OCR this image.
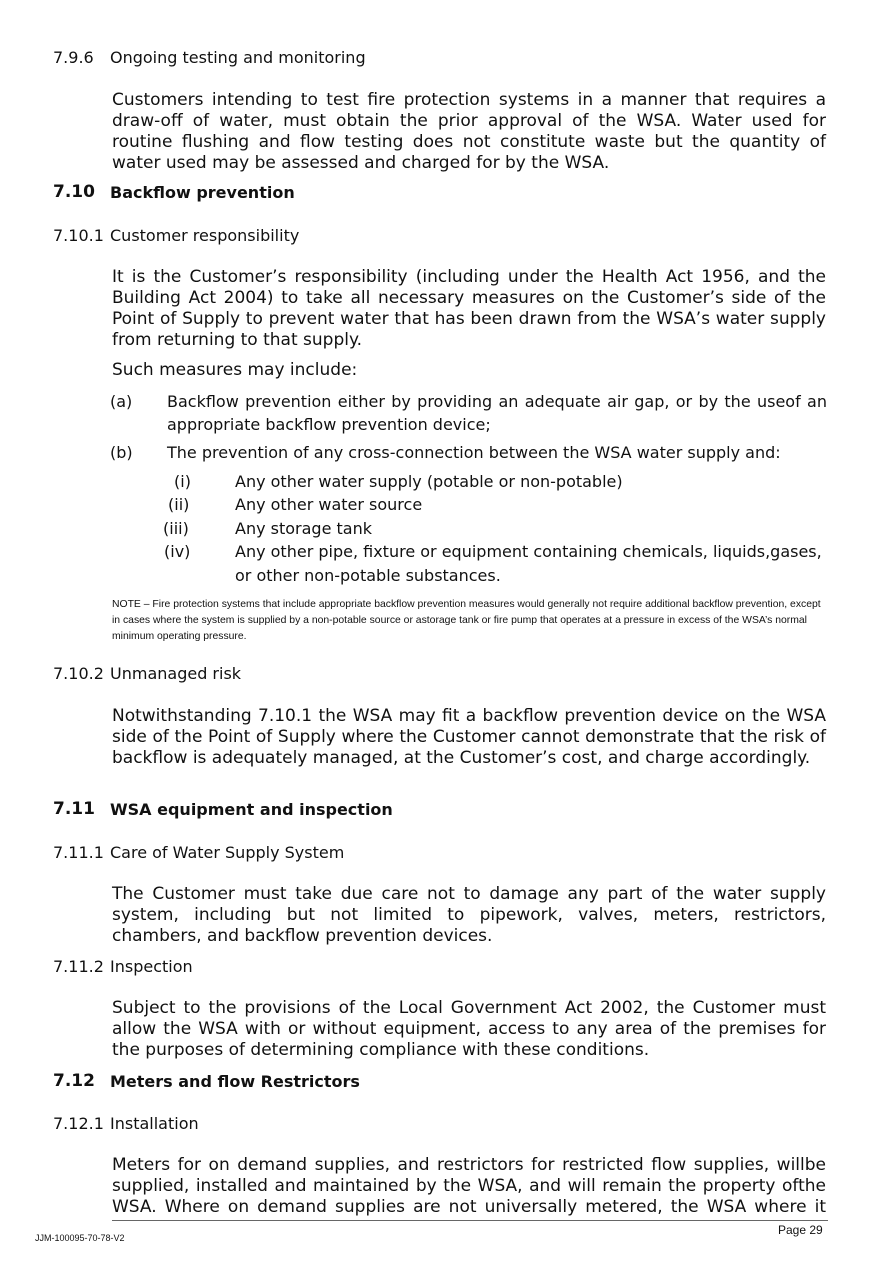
7.9.6 Ongoing testing and monitoring
Customers intending to test fire protection systems in a manner that requires a draw-off of water, must obtain the prior approval of the WSA. Water used for routine flushing and flow testing does not constitute waste but the quantity of water used may be assessed and charged for by the WSA.
7.10 Backflow prevention
7.10.1 Customer responsibility
It is the Customer’s responsibility (including under the Health Act 1956, and the Building Act 2004) to take all necessary measures on the Customer’s side of the Point of Supply to prevent water that has been drawn from the WSA’s water supply from returning to that supply.
Such measures may include:
(a) Backflow prevention either by providing an adequate air gap, or by the useof an
appropriate backflow prevention device;
(b) The prevention of any cross-connection between the WSA water supply and:
(i)	Any other water supply (potable or non-potable)
(ii)	Any other water source
(iii)	Any storage tank
(iv)	Any other pipe, fixture or equipment containing chemicals, liquids,gases,
or other non-potable substances.
NOTE – Fire protection systems that include appropriate backflow prevention measures would generally not require additional backflow prevention, except in cases where the system is supplied by a non-potable source or astorage tank or fire pump that operates at a pressure in excess of the WSA’s normal minimum operating pressure.
7.10.2 Unmanaged risk
Notwithstanding 7.10.1 the WSA may fit a backflow prevention device on the WSA side of the Point of Supply where the Customer cannot demonstrate that the risk of backflow is adequately managed, at the Customer’s cost, and charge accordingly.
7.11 WSA equipment and inspection
7.11.1 Care of Water Supply System
The Customer must take due care not to damage any part of the water supply system, including but not limited to pipework, valves, meters, restrictors, chambers, and backflow prevention devices.
7.11.2 Inspection
Subject to the provisions of the Local Government Act 2002, the Customer must allow the WSA with or without equipment, access to any area of the premises for the purposes of determining compliance with these conditions.
7.12 Meters and flow Restrictors
7.12.1 Installation
Meters for on demand supplies, and restrictors for restricted flow supplies, willbe supplied, installed and maintained by the WSA, and will remain the property ofthe WSA. Where on demand supplies are not universally metered, the WSA where it
JJM-100095-70-78-V2
Page 29
